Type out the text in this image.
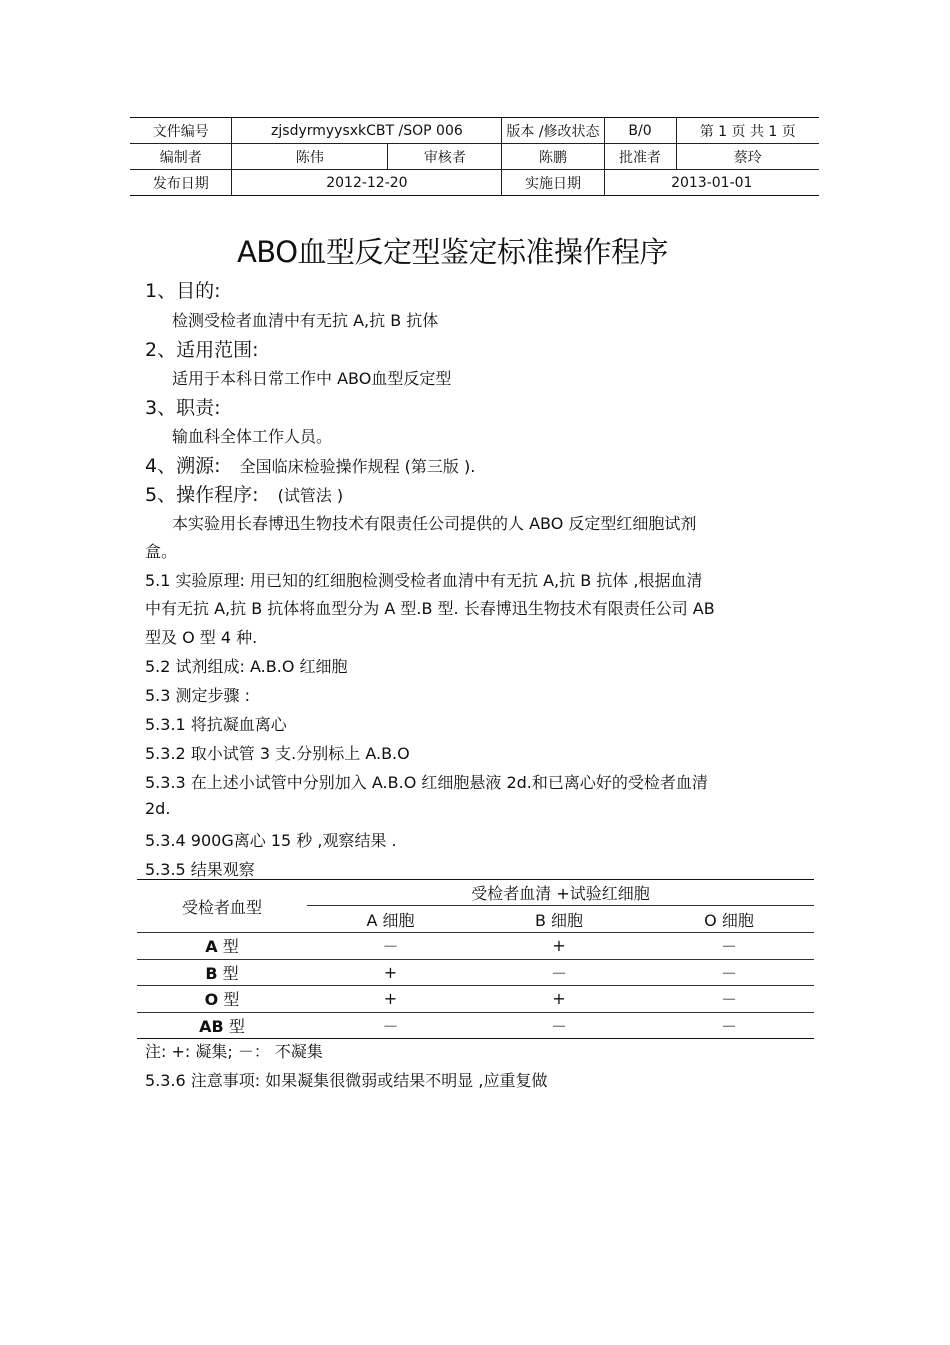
文件编号	zjsdyrmyysxkCBT /SOP 006		版本 /修改状态	B/0	第 1 页 共 1 页
编制者	陈伟	审核者	陈鹏	批准者	蔡玲
发布日期	2012-12-20		实施日期	2013-01-01	
ABO血型反定型鉴定标准操作程序
1、目的:
检测受检者血清中有无抗 A,抗 B 抗体
2、适用范围:
适用于本科日常工作中 ABO血型反定型
3、职责:
输血科全体工作人员。
4、溯源: 全国临床检验操作规程 (第三版 ).
5、操作程序: (试管法 )
本实验用长春博迅生物技术有限责任公司提供的人 ABO 反定型红细胞试剂
盒。
5.1 实验原理: 用已知的红细胞检测受检者血清中有无抗 A,抗 B 抗体 ,根据血清
中有无抗 A,抗 B 抗体将血型分为 A 型.B 型. 长春博迅生物技术有限责任公司 AB
型及 O 型 4 种.
5.2 试剂组成: A.B.O 红细胞
5.3 测定步骤 :
5.3.1 将抗凝血离心
5.3.2 取小试管 3 支.分别标上 A.B.O
5.3.3 在上述小试管中分别加入 A.B.O 红细胞悬液 2d.和已离心好的受检者血清
2d.
5.3.4 900G离心 15 秒 ,观察结果 .
5.3.5 结果观察
受检者血型	受检者血清 +试验红细胞		
	A 细胞	B 细胞	O 细胞
A 型	－	+	－
B 型	+	－	－
O 型	+	+	－
AB 型	－	－	－
注: +: 凝集; －： 不凝集
5.3.6 注意事项: 如果凝集很微弱或结果不明显 ,应重复做
